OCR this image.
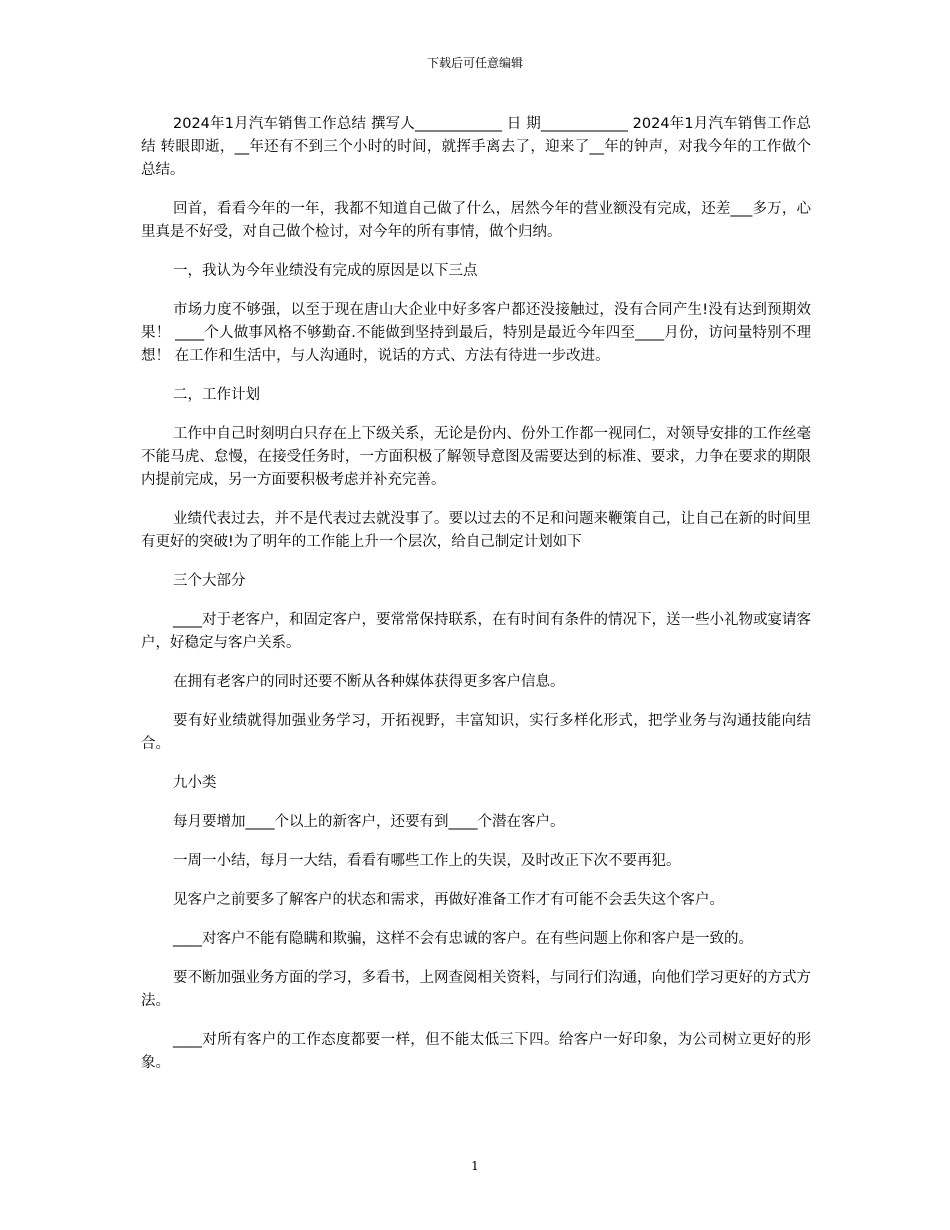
下载后可任意编辑

2024年1月汽车销售工作总结 撰写人____________ 日 期____________ 2024年1月汽车销售工作总结 转眼即逝，__年还有不到三个小时的时间，就挥手离去了，迎来了__年的钟声，对我今年的工作做个总结。

回首，看看今年的一年，我都不知道自己做了什么，居然今年的营业额没有完成，还差___多万，心里真是不好受，对自己做个检讨，对今年的所有事情，做个归纳。

一，我认为今年业绩没有完成的原因是以下三点

市场力度不够强，以至于现在唐山大企业中好多客户都还没接触过，没有合同产生!没有达到预期效果！ ____个人做事风格不够勤奋.不能做到坚持到最后，特别是最近今年四至____月份，访问量特别不理想！ 在工作和生活中，与人沟通时，说话的方式、方法有待进一步改进。

二，工作计划

工作中自己时刻明白只存在上下级关系，无论是份内、份外工作都一视同仁，对领导安排的工作丝毫不能马虎、怠慢，在接受任务时，一方面积极了解领导意图及需要达到的标准、要求，力争在要求的期限内提前完成，另一方面要积极考虑并补充完善。

业绩代表过去，并不是代表过去就没事了。要以过去的不足和问题来鞭策自己，让自己在新的时间里有更好的突破!为了明年的工作能上升一个层次，给自己制定计划如下

三个大部分

____对于老客户，和固定客户，要常常保持联系，在有时间有条件的情况下，送一些小礼物或宴请客户，好稳定与客户关系。

在拥有老客户的同时还要不断从各种媒体获得更多客户信息。

要有好业绩就得加强业务学习，开拓视野，丰富知识，实行多样化形式，把学业务与沟通技能向结合。

九小类

每月要增加____个以上的新客户，还要有到____个潜在客户。

一周一小结，每月一大结，看看有哪些工作上的失误，及时改正下次不要再犯。

见客户之前要多了解客户的状态和需求，再做好准备工作才有可能不会丢失这个客户。

____对客户不能有隐瞒和欺骗，这样不会有忠诚的客户。在有些问题上你和客户是一致的。

要不断加强业务方面的学习，多看书，上网查阅相关资料，与同行们沟通，向他们学习更好的方式方法。

____对所有客户的工作态度都要一样，但不能太低三下四。给客户一好印象，为公司树立更好的形象。

1
